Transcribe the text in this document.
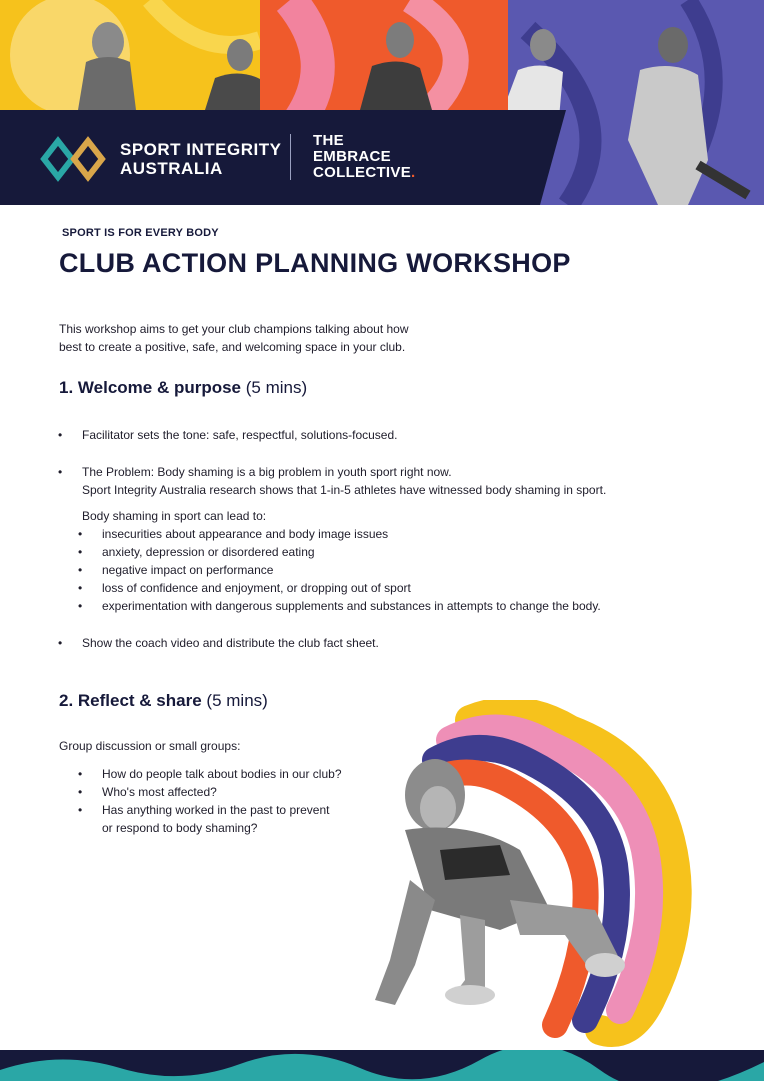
SPORT INTEGRITY
AUSTRALIA
THE
EMBRACE
COLLECTIVE.
SPORT IS FOR EVERY BODY
CLUB ACTION PLANNING WORKSHOP
This workshop aims to get your club champions talking about how
best to create a positive, safe, and welcoming space in your club.
1. Welcome & purpose (5 mins)
• Facilitator sets the tone: safe, respectful, solutions-focused.
• The Problem: Body shaming is a big problem in youth sport right now.
Sport Integrity Australia research shows that 1-in-5 athletes have witnessed body shaming in sport.
Body shaming in sport can lead to:
• insecurities about appearance and body image issues
• anxiety, depression or disordered eating
• negative impact on performance
• loss of confidence and enjoyment, or dropping out of sport
• experimentation with dangerous supplements and substances in attempts to change the body.
• Show the coach video and distribute the club fact sheet.
2. Reflect & share (5 mins)
Group discussion or small groups:
• How do people talk about bodies in our club?
• Who's most affected?
• Has anything worked in the past to prevent
or respond to body shaming?
